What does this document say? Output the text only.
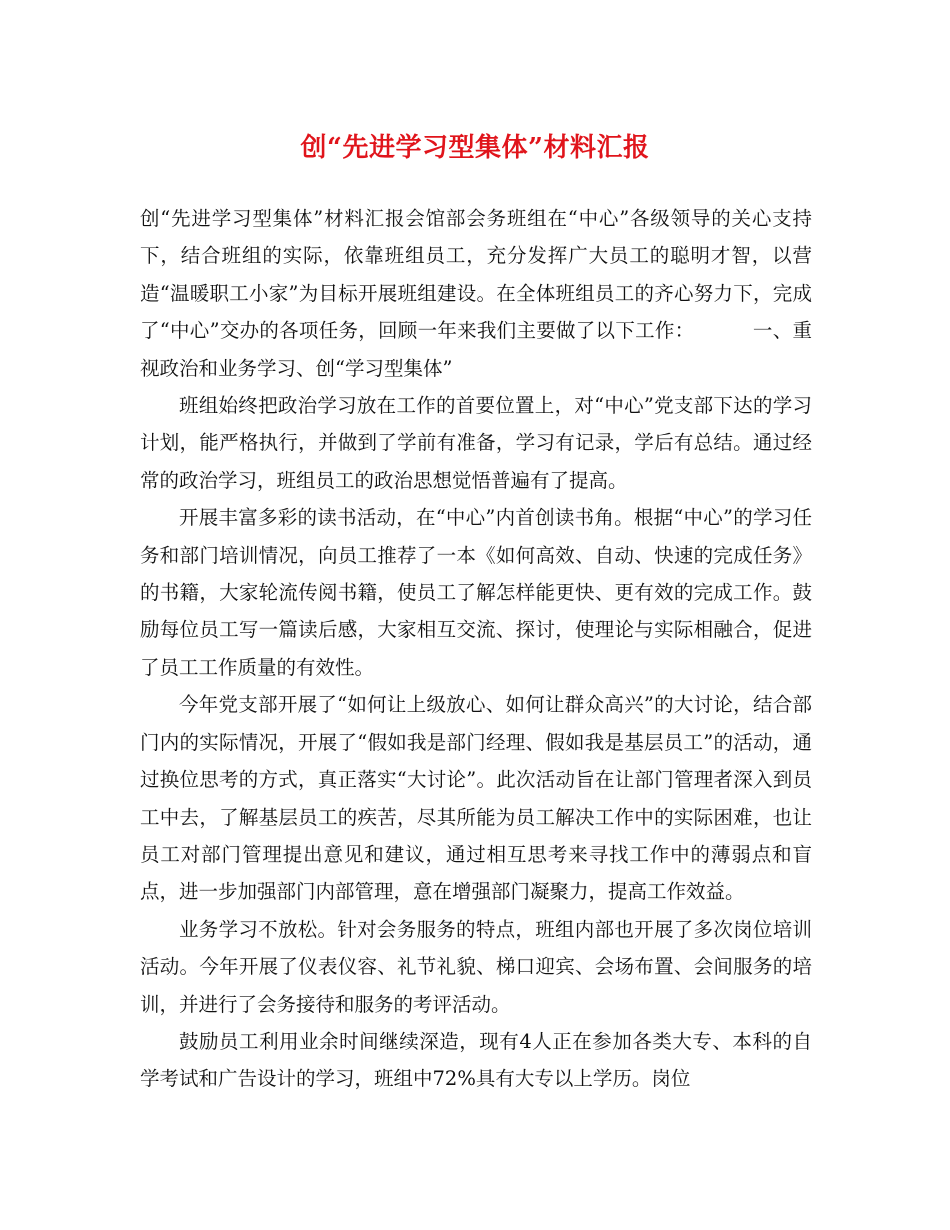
创“先进学习型集体”材料汇报

创“先进学习型集体”材料汇报会馆部会务班组在“中心”各级领导的关心支持下，结合班组的实际，依靠班组员工，充分发挥广大员工的聪明才智，以营造“温暖职工小家”为目标开展班组建设。在全体班组员工的齐心努力下，完成了“中心”交办的各项任务，回顾一年来我们主要做了以下工作：	一、重视政治和业务学习、创“学习型集体”

班组始终把政治学习放在工作的首要位置上，对“中心”党支部下达的学习计划，能严格执行，并做到了学前有准备，学习有记录，学后有总结。通过经常的政治学习，班组员工的政治思想觉悟普遍有了提高。

开展丰富多彩的读书活动，在“中心”内首创读书角。根据“中心”的学习任务和部门培训情况，向员工推荐了一本《如何高效、自动、快速的完成任务》的书籍，大家轮流传阅书籍，使员工了解怎样能更快、更有效的完成工作。鼓励每位员工写一篇读后感，大家相互交流、探讨，使理论与实际相融合，促进了员工工作质量的有效性。

今年党支部开展了“如何让上级放心、如何让群众高兴”的大讨论，结合部门内的实际情况，开展了“假如我是部门经理、假如我是基层员工”的活动，通过换位思考的方式，真正落实“大讨论”。此次活动旨在让部门管理者深入到员工中去，了解基层员工的疾苦，尽其所能为员工解决工作中的实际困难，也让员工对部门管理提出意见和建议，通过相互思考来寻找工作中的薄弱点和盲点，进一步加强部门内部管理，意在增强部门凝聚力，提高工作效益。

业务学习不放松。针对会务服务的特点，班组内部也开展了多次岗位培训活动。今年开展了仪表仪容、礼节礼貌、梯口迎宾、会场布置、会间服务的培训，并进行了会务接待和服务的考评活动。

鼓励员工利用业余时间继续深造，现有4人正在参加各类大专、本科的自学考试和广告设计的学习，班组中72%具有大专以上学历。岗位
